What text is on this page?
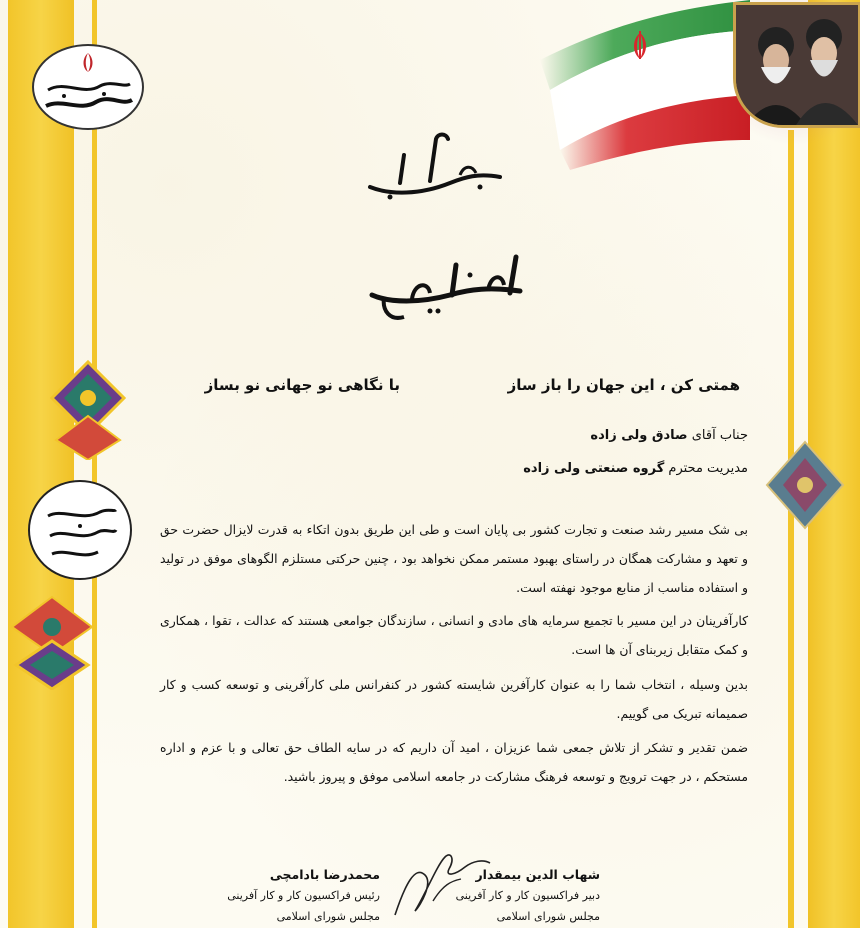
همتی کن ، این جهان را باز ساز
با نگاهی نو جهانی نو بساز
جناب آقای صادق ولی زاده
مدیریت محترم گروه صنعتی ولی زاده
بی شک مسیر رشد صنعت و تجارت کشور بی پایان است و طی این طریق بدون اتکاء به قدرت لایزال حضرت حق و تعهد و مشارکت همگان در راستای بهبود مستمر ممکن نخواهد بود ، چنین حرکتی مستلزم الگوهای موفق در تولید و استفاده مناسب از منابع موجود نهفته است.
کارآفرینان در این مسیر با تجمیع سرمایه های مادی و انسانی ، سازندگان جوامعی هستند که عدالت ، تقوا ، همکاری و کمک متقابل زیربنای آن ها است.
بدین وسیله ، انتخاب شما را به عنوان کارآفرین شایسته کشور در کنفرانس ملی کارآفرینی و توسعه کسب و کار صمیمانه تبریک می گوییم.
ضمن تقدیر و تشکر از تلاش جمعی شما عزیزان ، امید آن داریم که در سایه الطاف حق تعالی و با عزم و اداره مستحکم ، در جهت ترویج و توسعه فرهنگ مشارکت در جامعه اسلامی موفق و پیروز باشید.
شهاب الدین بیمقدار
دبیر فراکسیون کار و کار آفرینی
مجلس شورای اسلامی
محمدرضا بادامچی
رئیس فراکسیون کار و کار آفرینی
مجلس شورای اسلامی
